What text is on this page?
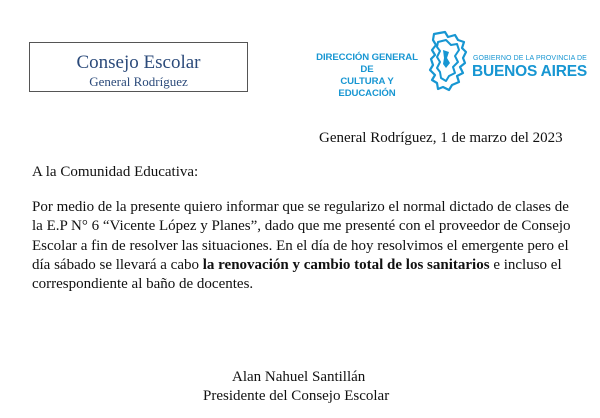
Consejo Escolar
General Rodríguez
DIRECCIÓN GENERAL DE
CULTURA Y EDUCACIÓN
GOBIERNO DE LA PROVINCIA DE
BUENOS AIRES
General Rodríguez, 1 de marzo del 2023
A la Comunidad Educativa:
Por medio de la presente quiero informar que se regularizo el normal dictado de clases de la E.P N° 6 “Vicente López y Planes”, dado que me presenté con el proveedor de Consejo Escolar a fin de resolver las situaciones. En el día de hoy resolvimos el emergente pero el día sábado se llevará a cabo la renovación y cambio total de los sanitarios e incluso el correspondiente al baño de docentes.
Alan Nahuel Santillán
Presidente del Consejo Escolar
